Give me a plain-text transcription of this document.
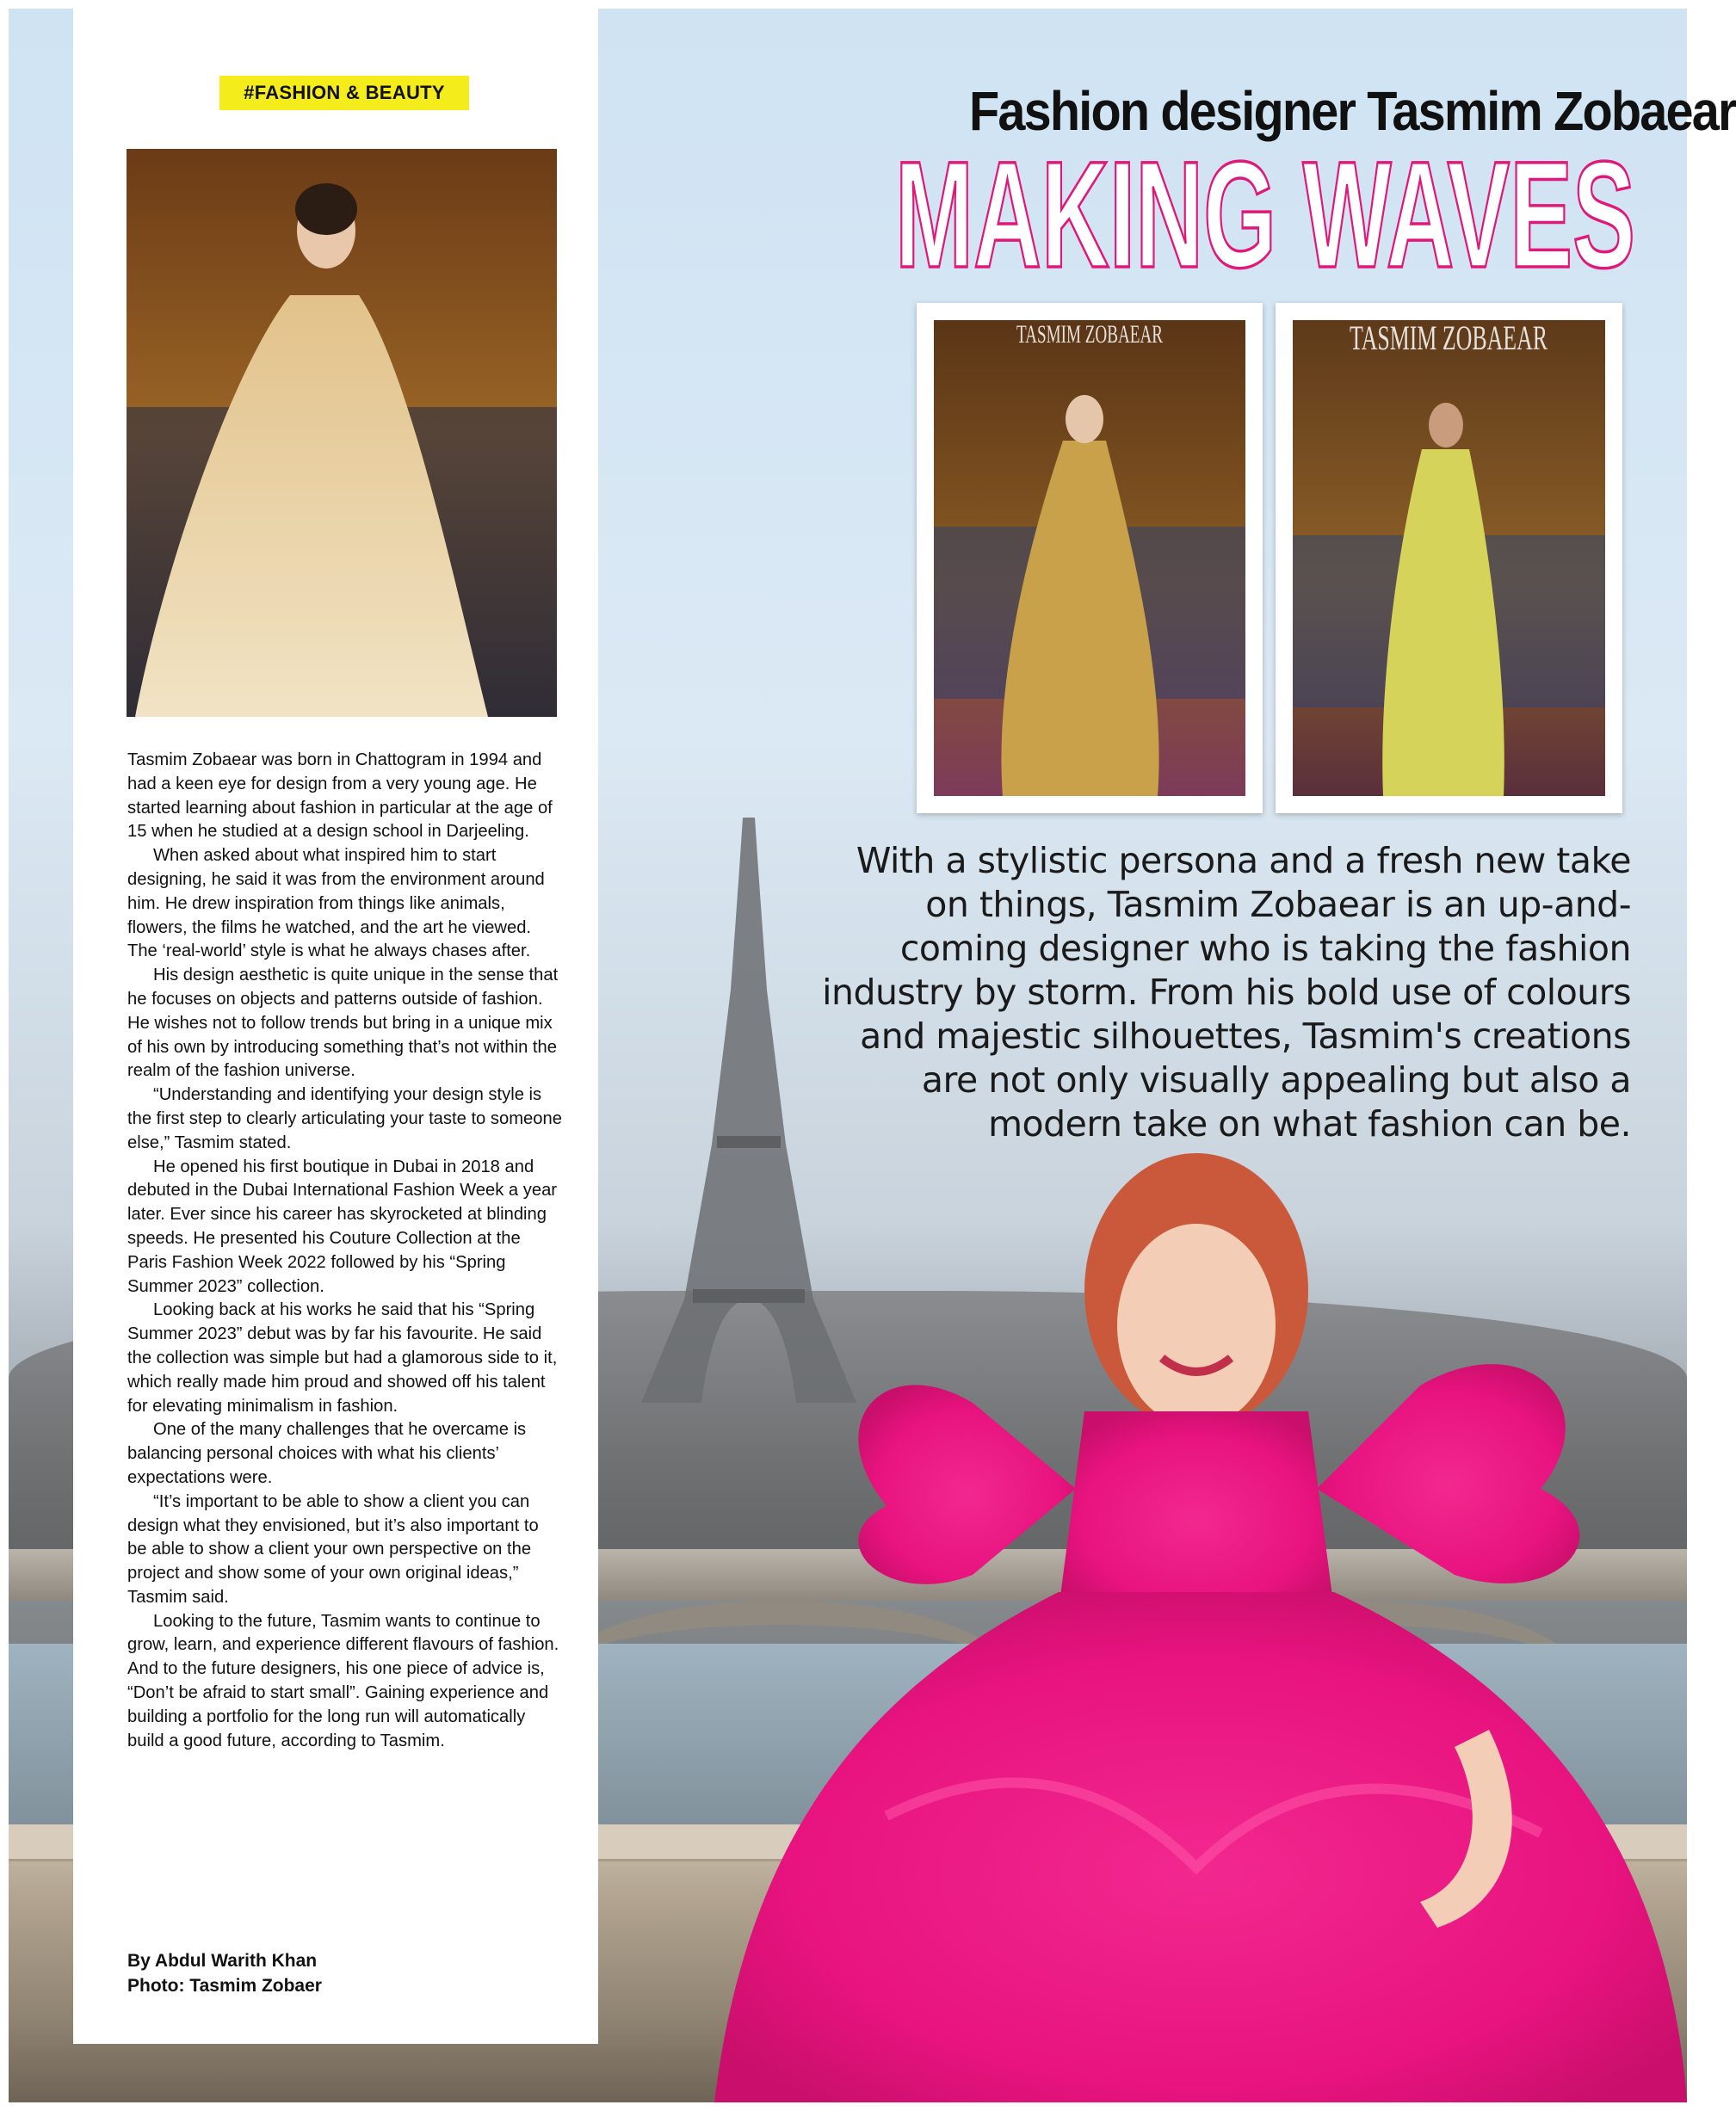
#FASHION & BEAUTY

Tasmim Zobaear was born in Chattogram in 1994 and had a keen eye for design from a very young age. He started learning about fashion in particular at the age of 15 when he studied at a design school in Darjeeling.

When asked about what inspired him to start designing, he said it was from the environment around him. He drew inspiration from things like animals, flowers, the films he watched, and the art he viewed. The ‘real-world’ style is what he always chases after.

His design aesthetic is quite unique in the sense that he focuses on objects and patterns outside of fashion. He wishes not to follow trends but bring in a unique mix of his own by introducing something that’s not within the realm of the fashion universe.

“Understanding and identifying your design style is the first step to clearly articulating your taste to someone else,” Tasmim stated.

He opened his first boutique in Dubai in 2018 and debuted in the Dubai International Fashion Week a year later. Ever since his career has skyrocketed at blinding speeds. He presented his Couture Collection at the Paris Fashion Week 2022 followed by his “Spring Summer 2023” collection.

Looking back at his works he said that his “Spring Summer 2023” debut was by far his favourite. He said the collection was simple but had a glamorous side to it, which really made him proud and showed off his talent for elevating minimalism in fashion.

One of the many challenges that he overcame is balancing personal choices with what his clients’ expectations were.

“It’s important to be able to show a client you can design what they envisioned, but it’s also important to be able to show a client your own perspective on the project and show some of your own original ideas,” Tasmim said.

Looking to the future, Tasmim wants to continue to grow, learn, and experience different flavours of fashion. And to the future designers, his one piece of advice is, “Don’t be afraid to start small”. Gaining experience and building a portfolio for the long run will automatically build a good future, according to Tasmim.

By Abdul Warith Khan
Photo: Tasmim Zobaer
Fashion designer Tasmim Zobaear
MAKING WAVES
TASMIM ZOBAEAR	TASMIM ZOBAEAR
With a stylistic persona and a fresh new take on things, Tasmim Zobaear is an up-and-coming designer who is taking the fashion industry by storm. From his bold use of colours and majestic silhouettes, Tasmim's creations are not only visually appealing but also a modern take on what fashion can be.
